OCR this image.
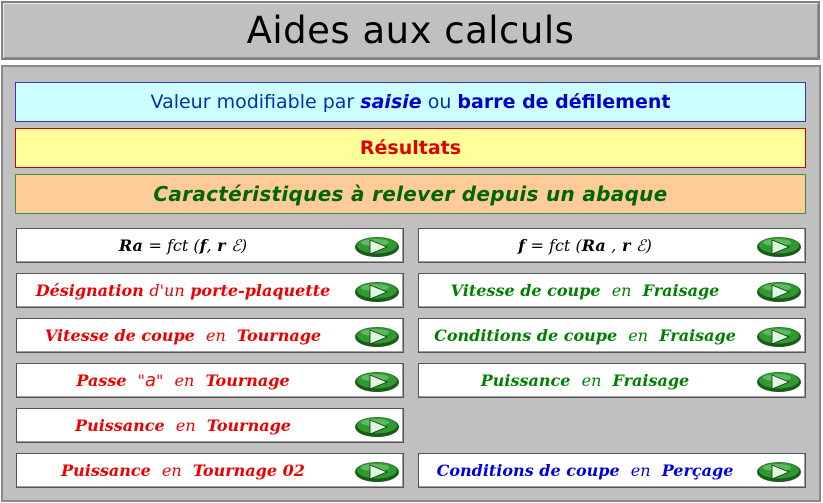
Aides aux calculs
Valeur modifiable par
saisie
ou
barre de défilement
Résultats
Caractéristiques à relever depuis un abaque
Ra
= fct ( f ,
r
ℰ )
Désignation
d'un
porte-plaquette
Vitesse de coupe
en
Tournage
Passe
" a "
en
Tournage
Puissance
en
Tournage
Puissance
en
Tournage 02
f
= fct ( Ra
,
r
ℰ )
Vitesse de coupe
en
Fraisage
Conditions de coupe
en
Fraisage
Puissance
en
Fraisage
Conditions de coupe
en
Perçage
